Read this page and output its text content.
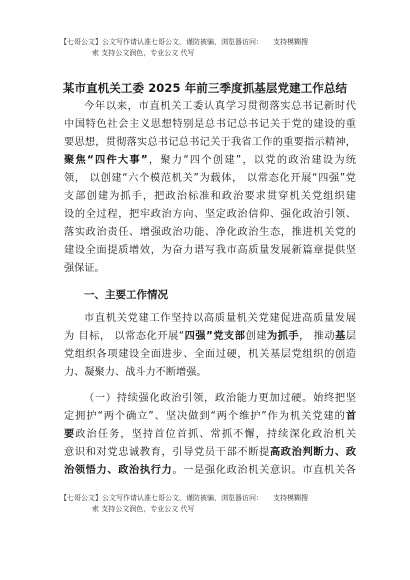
【七哥公文】公文写作请认准七哥公文，谨防被骗，浏览器访问： 支持模糊搜
索 支持公文润色，专业公文 代写
某市直机关工委 2025 年前三季度抓基层党建工作总结
今年以来，市直机关工委认真学习贯彻落实总书记新时代
中国特色社会主义思想特别是总书记总书记关于党的建设的重
要思想，贯彻落实总书记总书记关于我省工作的重要指示精神，
聚焦“四件大事”，聚力“四个创建”，以党的政治建设为统
领， 以创建“六个模范机关”为载体， 以常态化开展“四强”党
支部创建为抓手，把政治标准和政治要求贯穿机关党组织建
设的全过程，把牢政治方向、坚定政治信仰、强化政治引领、
落实政治责任、增强政治功能、净化政治生态，推进机关党的
建设全面提质增效，为奋力谱写我市高质量发展新篇章提供坚
强保证。
一、主要工作情况
市直机关党建工作坚持以高质量机关党建促进高质量发展
为 目标， 以常态化开展“四强”党支部创建为抓手， 推动基层
党组织各项建设全面进步、全面过硬，机关基层党组织的创造
力、凝聚力、战斗力不断增强。
（一）持续强化政治引领，政治能力更加过硬。始终把坚
定拥护“两个确立”、坚决做到“两个维护”作为机关党建的首
要政治任务，坚持首位首抓、常抓不懈，持续深化政治机关
意识和对党忠诚教育，引导党员干部不断提高政治判断力、政
治领悟力、政治执行力。一是强化政治机关意识。市直机关各
【七哥公文】公文写作请认准七哥公文，谨防被骗，浏览器访问： 支持模糊搜
索 支持公文润色，专业公文 代写
